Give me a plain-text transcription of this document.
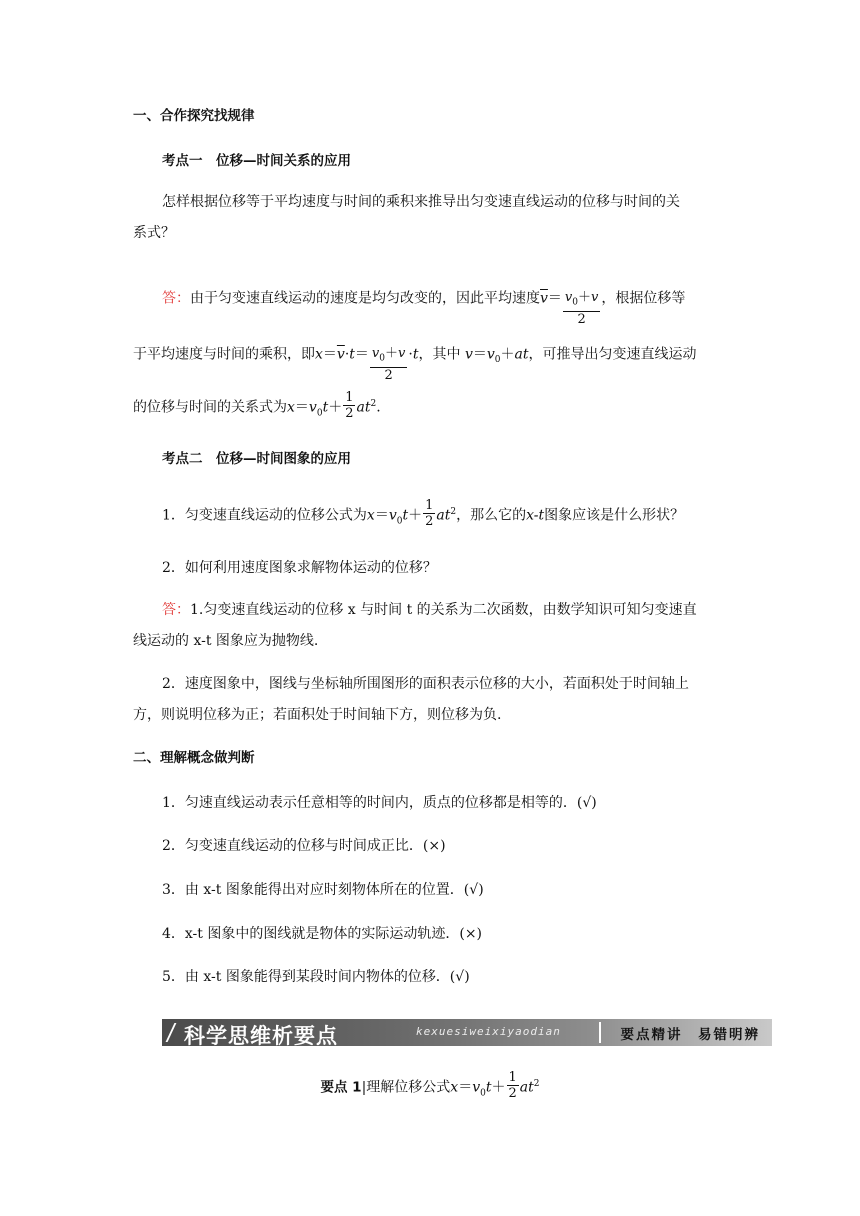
一、合作探究找规律
考点一　位移—时间关系的应用
怎样根据位移等于平均速度与时间的乘积来推导出匀变速直线运动的位移与时间的关
系式？
答：由于匀变速直线运动的速度是均匀改变的，因此平均速度$\overline{v}= \frac{v_0+v}{2}$ ，根据位移等
于平均速度与时间的乘积，即$x=\overline{v}\cdot t= \frac{v_0+v}{2} \cdot t$，其中 $v=v_0+at$，可推导出匀变速直线运动
的位移与时间的关系式为$x=v_0t+ \frac{1}{2} at^2$.
考点二　位移—时间图象的应用
1．匀变速直线运动的位移公式为$x=v_0t+ \frac{1}{2} at^2$，那么它的x-t图象应该是什么形状？
2．如何利用速度图象求解物体运动的位移？
答：1.匀变速直线运动的位移 x 与时间 t 的关系为二次函数，由数学知识可知匀变速直
线运动的 x-t 图象应为抛物线.
2．速度图象中，图线与坐标轴所围图形的面积表示位移的大小，若面积处于时间轴上
方，则说明位移为正；若面积处于时间轴下方，则位移为负.
二、理解概念做判断
1．匀速直线运动表示任意相等的时间内，质点的位移都是相等的．(√)
2．匀变速直线运动的位移与时间成正比．(×)
3．由 x-t 图象能得出对应时刻物体所在的位置．(√)
4．x-t 图象中的图线就是物体的实际运动轨迹．(×)
5．由 x-t 图象能得到某段时间内物体的位移．(√)
科学思维析要点	kexuesiweixiyaodian	要点精讲　易错明辨
要点 1|理解位移公式$x=v_0t+ \frac{1}{2} at^2$
